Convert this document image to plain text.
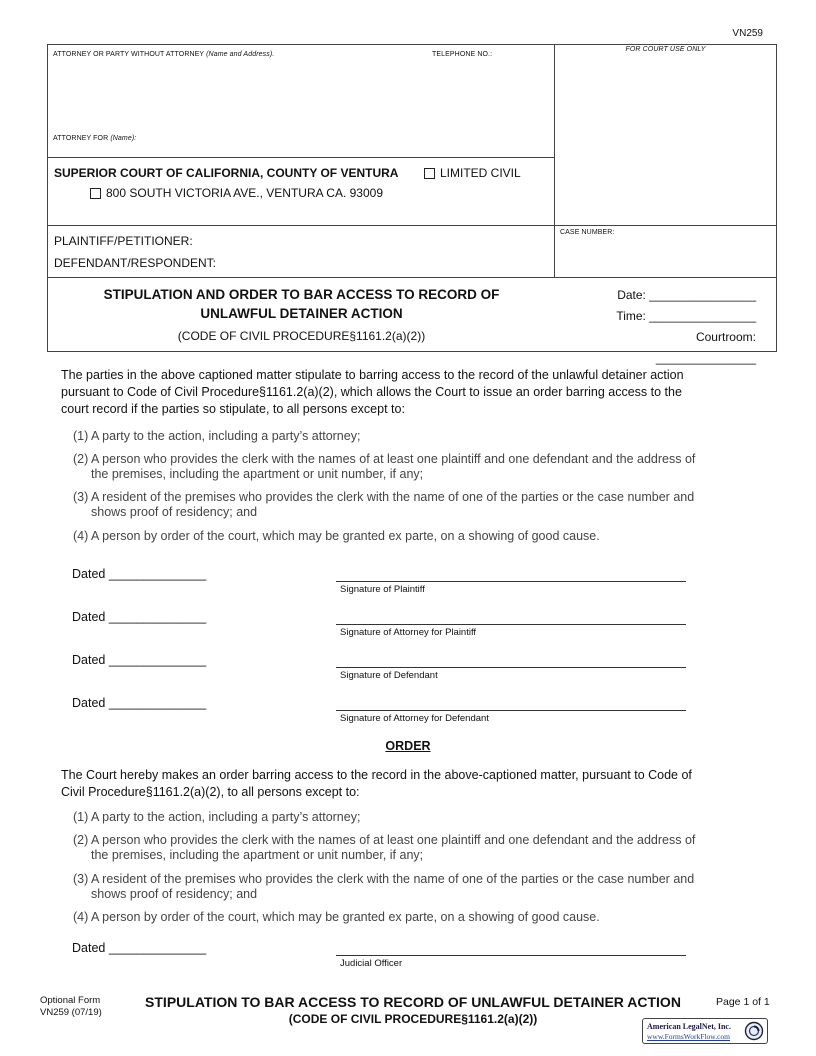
VN259
ATTORNEY OR PARTY WITHOUT ATTORNEY (Name and Address).	TELEPHONE NO.:
ATTORNEY FOR (Name):
FOR COURT USE ONLY
SUPERIOR COURT OF CALIFORNIA, COUNTY OF VENTURA	LIMITED CIVIL
800 SOUTH VICTORIA AVE., VENTURA CA. 93009
PLAINTIFF/PETITIONER:
DEFENDANT/RESPONDENT:
CASE NUMBER:
STIPULATION AND ORDER TO BAR ACCESS TO RECORD OF
UNLAWFUL DETAINER ACTION
(CODE OF CIVIL PROCEDURE§1161.2(a)(2))
Date: ________________
Time: ________________
Courtroom: _______________
The parties in the above captioned matter stipulate to barring access to the record of the unlawful detainer action
pursuant to Code of Civil Procedure§1161.2(a)(2), which allows the Court to issue an order barring access to the
court record if the parties so stipulate, to all persons except to:
(1) A party to the action, including a party’s attorney;
(2) A person who provides the clerk with the names of at least one plaintiff and one defendant and the address of
the premises, including the apartment or unit number, if any;
(3) A resident of the premises who provides the clerk with the name of one of the parties or the case number and
shows proof of residency; and
(4) A person by order of the court, which may be granted ex parte, on a showing of good cause.
Dated ______________
Signature of Plaintiff
Dated ______________
Signature of Attorney for Plaintiff
Dated ______________
Signature of Defendant
Dated ______________
Signature of Attorney for Defendant
ORDER
The Court hereby makes an order barring access to the record in the above-captioned matter, pursuant to Code of
Civil Procedure§1161.2(a)(2), to all persons except to:
(1) A party to the action, including a party’s attorney;
(2) A person who provides the clerk with the names of at least one plaintiff and one defendant and the address of
the premises, including the apartment or unit number, if any;
(3) A resident of the premises who provides the clerk with the name of one of the parties or the case number and
shows proof of residency; and
(4) A person by order of the court, which may be granted ex parte, on a showing of good cause.
Dated ______________
Judicial Officer
Optional Form
VN259 (07/19)
STIPULATION TO BAR ACCESS TO RECORD OF UNLAWFUL DETAINER ACTION
(CODE OF CIVIL PROCEDURE§1161.2(a)(2))
Page 1 of 1
American LegalNet, Inc.
www.FormsWorkFlow.com
